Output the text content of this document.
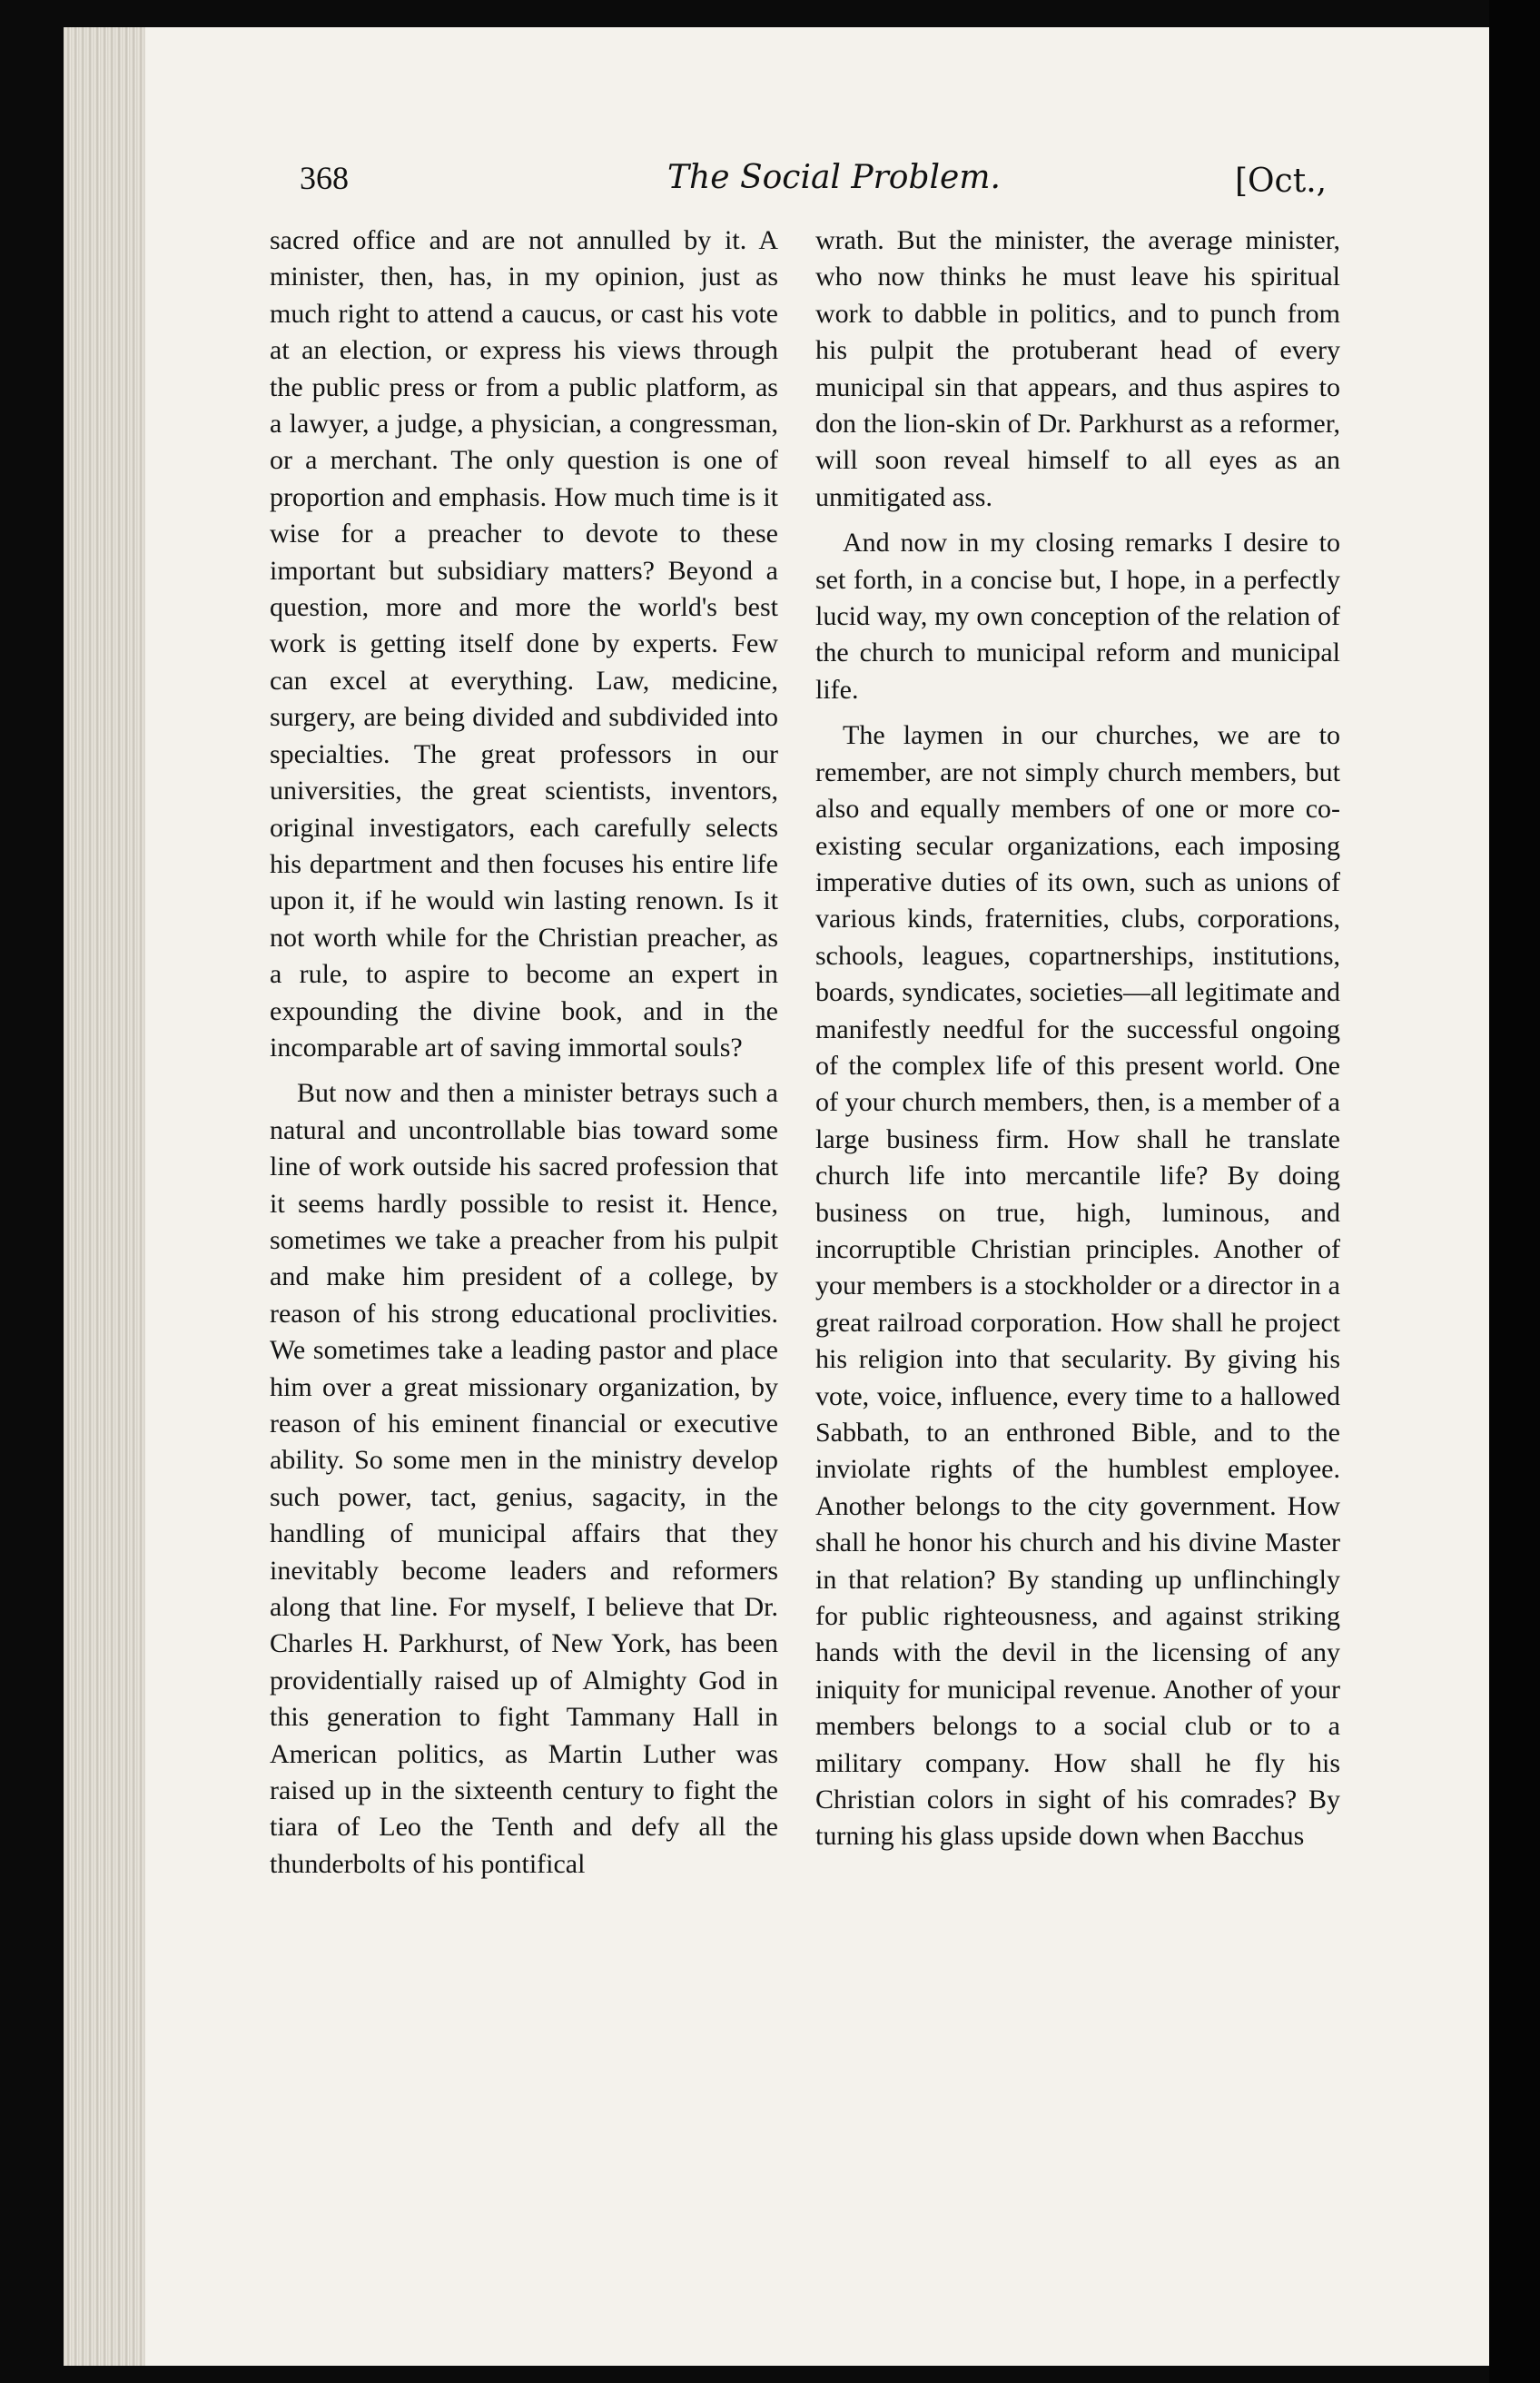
368	The Social Problem.	[Oct.,

sacred office and are not annulled by it. A minister, then, has, in my opinion, just as much right to attend a caucus, or cast his vote at an election, or express his views through the public press or from a public platform, as a lawyer, a judge, a physician, a congressman, or a merchant. The only question is one of proportion and emphasis. How much time is it wise for a preacher to devote to these important but subsidiary matters? Beyond a question, more and more the world's best work is getting itself done by experts. Few can excel at everything. Law, medicine, surgery, are being divided and subdivided into specialties. The great professors in our universities, the great scientists, inventors, original investigators, each carefully selects his department and then focuses his entire life upon it, if he would win lasting renown. Is it not worth while for the Christian preacher, as a rule, to aspire to become an expert in expounding the divine book, and in the incomparable art of saving immortal souls?

But now and then a minister betrays such a natural and uncontrollable bias toward some line of work outside his sacred profession that it seems hardly possible to resist it. Hence, sometimes we take a preacher from his pulpit and make him president of a college, by reason of his strong educational proclivities. We sometimes take a leading pastor and place him over a great missionary organization, by reason of his eminent financial or executive ability. So some men in the ministry develop such power, tact, genius, sagacity, in the handling of municipal affairs that they inevitably become leaders and reformers along that line. For myself, I believe that Dr. Charles H. Parkhurst, of New York, has been providentially raised up of Almighty God in this generation to fight Tammany Hall in American politics, as Martin Luther was raised up in the sixteenth century to fight the tiara of Leo the Tenth and defy all the thunderbolts of his pontifical

wrath. But the minister, the average minister, who now thinks he must leave his spiritual work to dabble in politics, and to punch from his pulpit the protuberant head of every municipal sin that appears, and thus aspires to don the lion-skin of Dr. Parkhurst as a reformer, will soon reveal himself to all eyes as an unmitigated ass.

And now in my closing remarks I desire to set forth, in a concise but, I hope, in a perfectly lucid way, my own conception of the relation of the church to municipal reform and municipal life.

The laymen in our churches, we are to remember, are not simply church members, but also and equally members of one or more co-existing secular organizations, each imposing imperative duties of its own, such as unions of various kinds, fraternities, clubs, corporations, schools, leagues, copartnerships, institutions, boards, syndicates, societies—all legitimate and manifestly needful for the successful ongoing of the complex life of this present world. One of your church members, then, is a member of a large business firm. How shall he translate church life into mercantile life? By doing business on true, high, luminous, and incorruptible Christian principles. Another of your members is a stockholder or a director in a great railroad corporation. How shall he project his religion into that secularity. By giving his vote, voice, influence, every time to a hallowed Sabbath, to an enthroned Bible, and to the inviolate rights of the humblest employee. Another belongs to the city government. How shall he honor his church and his divine Master in that relation? By standing up unflinchingly for public righteousness, and against striking hands with the devil in the licensing of any iniquity for municipal revenue. Another of your members belongs to a social club or to a military company. How shall he fly his Christian colors in sight of his comrades? By turning his glass upside down when Bacchus
